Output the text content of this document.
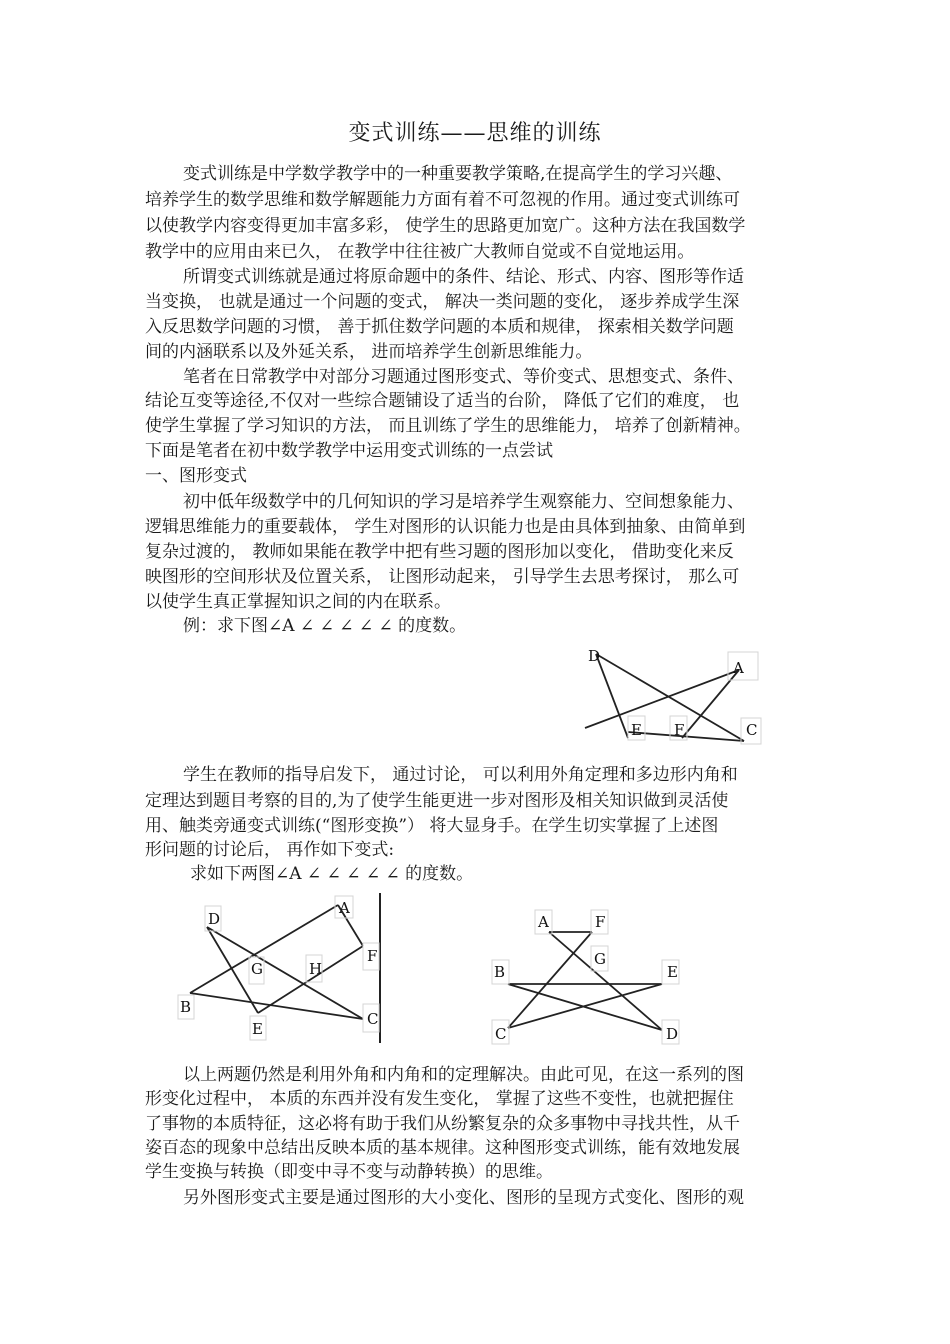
变式训练——思维的训练
变式训练是中学数学教学中的一种重要教学策略,在提高学生的学习兴趣、
培养学生的数学思维和数学解题能力方面有着不可忽视的作用。通过变式训练可
以使教学内容变得更加丰富多彩， 使学生的思路更加宽广。这种方法在我国数学
教学中的应用由来已久， 在教学中往往被广大教师自觉或不自觉地运用。
所谓变式训练就是通过将原命题中的条件、结论、形式、内容、图形等作适
当变换， 也就是通过一个问题的变式， 解决一类问题的变化， 逐步养成学生深
入反思数学问题的习惯， 善于抓住数学问题的本质和规律， 探索相关数学问题
间的内涵联系以及外延关系， 进而培养学生创新思维能力。
笔者在日常教学中对部分习题通过图形变式、等价变式、思想变式、条件、
结论互变等途径,不仅对一些综合题铺设了适当的台阶， 降低了它们的难度， 也
使学生掌握了学习知识的方法， 而且训练了学生的思维能力， 培养了创新精神。
下面是笔者在初中数学教学中运用变式训练的一点尝试
一、图形变式
初中低年级数学中的几何知识的学习是培养学生观察能力、空间想象能力、
逻辑思维能力的重要载体， 学生对图形的认识能力也是由具体到抽象、由简单到
复杂过渡的， 教师如果能在教学中把有些习题的图形加以变化， 借助变化来反
映图形的空间形状及位置关系， 让图形动起来， 引导学生去思考探讨， 那么可
以使学生真正掌握知识之间的内在联系。
例：求下图∠A ∠ ∠ ∠ ∠ ∠ 的度数。
D
A
E F	C
学生在教师的指导启发下， 通过讨论， 可以利用外角定理和多边形内角和
定理达到题目考察的目的,为了使学生能更进一步对图形及相关知识做到灵活使
用、触类旁通变式训练(“图形变换”） 将大显身手。在学生切实掌握了上述图
形问题的讨论后， 再作如下变式:
求如下两图∠A ∠ ∠ ∠ ∠ ∠ 的度数。
D
A
G	H
F
B
E
C
A	F
G
B	E
C	D
以上两题仍然是利用外角和内角和的定理解决。由此可见，在这一系列的图
形变化过程中， 本质的东西并没有发生变化， 掌握了这些不变性，也就把握住
了事物的本质特征，这必将有助于我们从纷繁复杂的众多事物中寻找共性，从千
姿百态的现象中总结出反映本质的基本规律。这种图形变式训练，能有效地发展
学生变换与转换（即变中寻不变与动静转换）的思维。
另外图形变式主要是通过图形的大小变化、图形的呈现方式变化、图形的观
